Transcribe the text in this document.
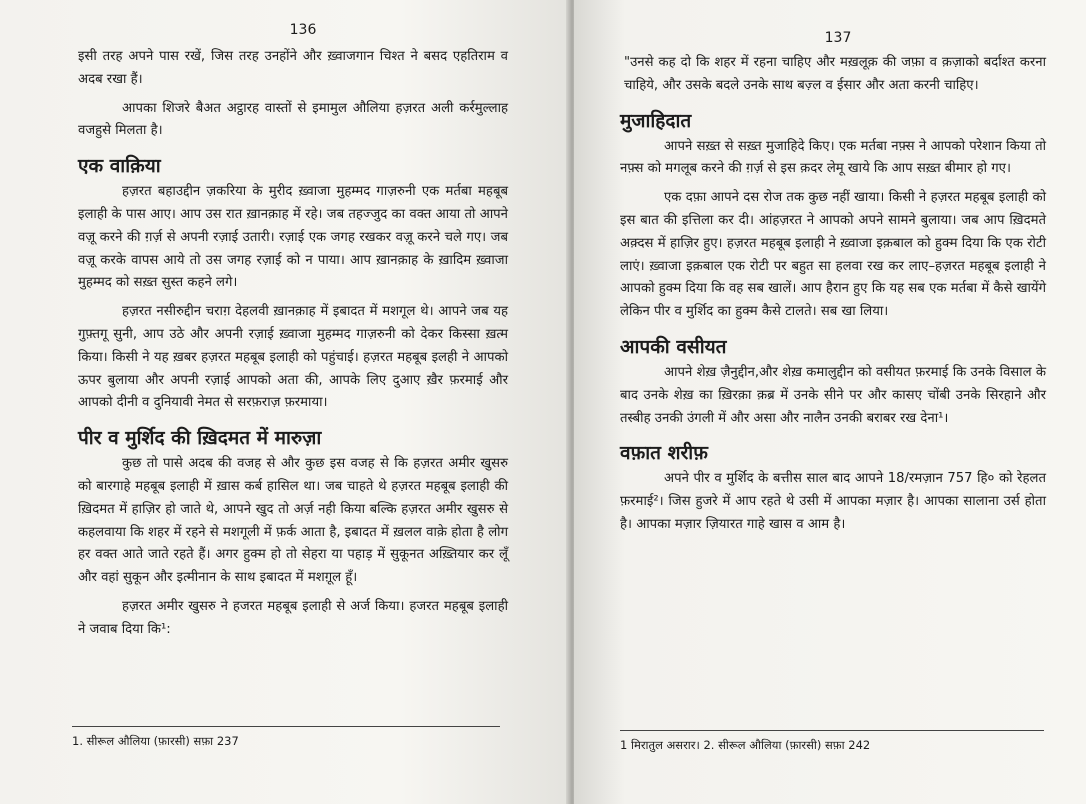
136

इसी तरह अपने पास रखें, जिस तरह उनहोंने और ख़्वाजगान चिश्त ने बसद एहतिराम व अदब रखा हैं।

आपका शिजरे बैअत अट्ठारह वास्तों से इमामुल औलिया हज़रत अली कर्रमुल्लाह वजहुसे मिलता है।

एक वाक़िया

हज़रत बहाउद्दीन ज़करिया के मुरीद ख़्वाजा मुहम्मद गाज़रुनी एक मर्तबा महबूब इलाही के पास आए। आप उस रात ख़ानक़ाह में रहे। जब तहज्जुद का वक्त आया तो आपने वज़ू करने की ग़र्ज़ से अपनी रज़ाई उतारी। रज़ाई एक जगह रखकर वज़ू करने चले गए। जब वज़ू करके वापस आये तो उस जगह रज़ाई को न पाया। आप ख़ानक़ाह के ख़ादिम ख़्वाजा मुहम्मद को सख़्त सुस्त कहने लगे।

हज़रत नसीरुद्दीन चराग़ देहलवी ख़ानक़ाह में इबादत में मशगूल थे। आपने जब यह गुफ़्तगू सुनी, आप उठे और अपनी रज़ाई ख़्वाजा मुहम्मद गाज़रुनी को देकर किस्सा ख़त्म किया। किसी ने यह ख़बर हज़रत महबूब इलाही को पहुंचाई। हज़रत महबूब इलही ने आपको ऊपर बुलाया और अपनी रज़ाई आपको अता की, आपके लिए दुआए ख़ैर फ़रमाई और आपको दीनी व दुनियावी नेमत से सरफ़राज़ फ़रमाया।

पीर व मुर्शिद की ख़िदमत में मारुज़ा

कुछ तो पासे अदब की वजह से और कुछ इस वजह से कि हज़रत अमीर खुसरु को बारगाहे महबूब इलाही में ख़ास कर्ब हासिल था। जब चाहते थे हज़रत महबूब इलाही की ख़िदमत में हाज़िर हो जाते थे, आपने खुद तो अर्ज़ नही किया बल्कि हज़रत अमीर खुसरु से कहलवाया कि शहर में रहने से मशगूली में फ़र्क आता है, इबादत में ख़लल वाक़े होता है लोग हर वक्त आते जाते रहते हैं। अगर हुक्म हो तो सेहरा या पहाड़ में सुकूनत अख़्तियार कर लूँ और वहां सुकून और इत्मीनान के साथ इबादत में मशग़ूल हूँ।

हज़रत अमीर खुसरु ने हजरत महबूब इलाही से अर्ज किया। हजरत महबूब इलाही ने जवाब दिया कि¹:

1. सीरूल औलिया (फ़ारसी) सफ़ा 237
137

"उनसे कह दो कि शहर में रहना चाहिए और मख़लूक़ की जफ़ा व क़ज़ाको बर्दाश्त करना चाहिये, और उसके बदले उनके साथ बज़्ल व ईसार और अता करनी चाहिए।

मुजाहिदात

आपने सख़्त से सख़्त मुजाहिदे किए। एक मर्तबा नफ़्स ने आपको परेशान किया तो नफ़्स को मगलूब करने की ग़र्ज़ से इस क़दर लेमू खाये कि आप सख़्त बीमार हो गए।

एक दफ़ा आपने दस रोज तक कुछ नहीं खाया। किसी ने हज़रत महबूब इलाही को इस बात की इत्तिला कर दी। आंहज़रत ने आपको अपने सामने बुलाया। जब आप ख़िदमते अक़्दस में हाज़िर हुए। हज़रत महबूब इलाही ने ख़्वाजा इक़बाल को हुक्म दिया कि एक रोटी लाएं। ख़्वाजा इक़बाल एक रोटी पर बहुत सा हलवा रख कर लाए–हज़रत महबूब इलाही ने आपको हुक्म दिया कि वह सब खालें। आप हैरान हुए कि यह सब एक मर्तबा में कैसे खायेंगे लेकिन पीर व मुर्शिद का हुक्म कैसे टालते। सब खा लिया।

आपकी वसीयत

आपने शेख़ ज़ैनुद्दीन,और शेख़ कमालुद्दीन को वसीयत फ़रमाई कि उनके विसाल के बाद उनके शेख़ का ख़िरक़ा क़ब्र में उनके सीने पर और कासए चोंबी उनके सिरहाने और तस्बीह उनकी उंगली में और असा और नालैन उनकी बराबर रख देना¹।

वफ़ात शरीफ़

अपने पीर व मुर्शिद के बत्तीस साल बाद आपने 18/रमज़ान 757 हि० को रेहलत फ़रमाई²। जिस हुजरे में आप रहते थे उसी में आपका मज़ार है। आपका सालाना उर्स होता है। आपका मज़ार ज़ियारत गाहे खास व आम है।

1 मिरातुल असरार। 2. सीरूल औलिया (फ़ारसी) सफ़ा 242
